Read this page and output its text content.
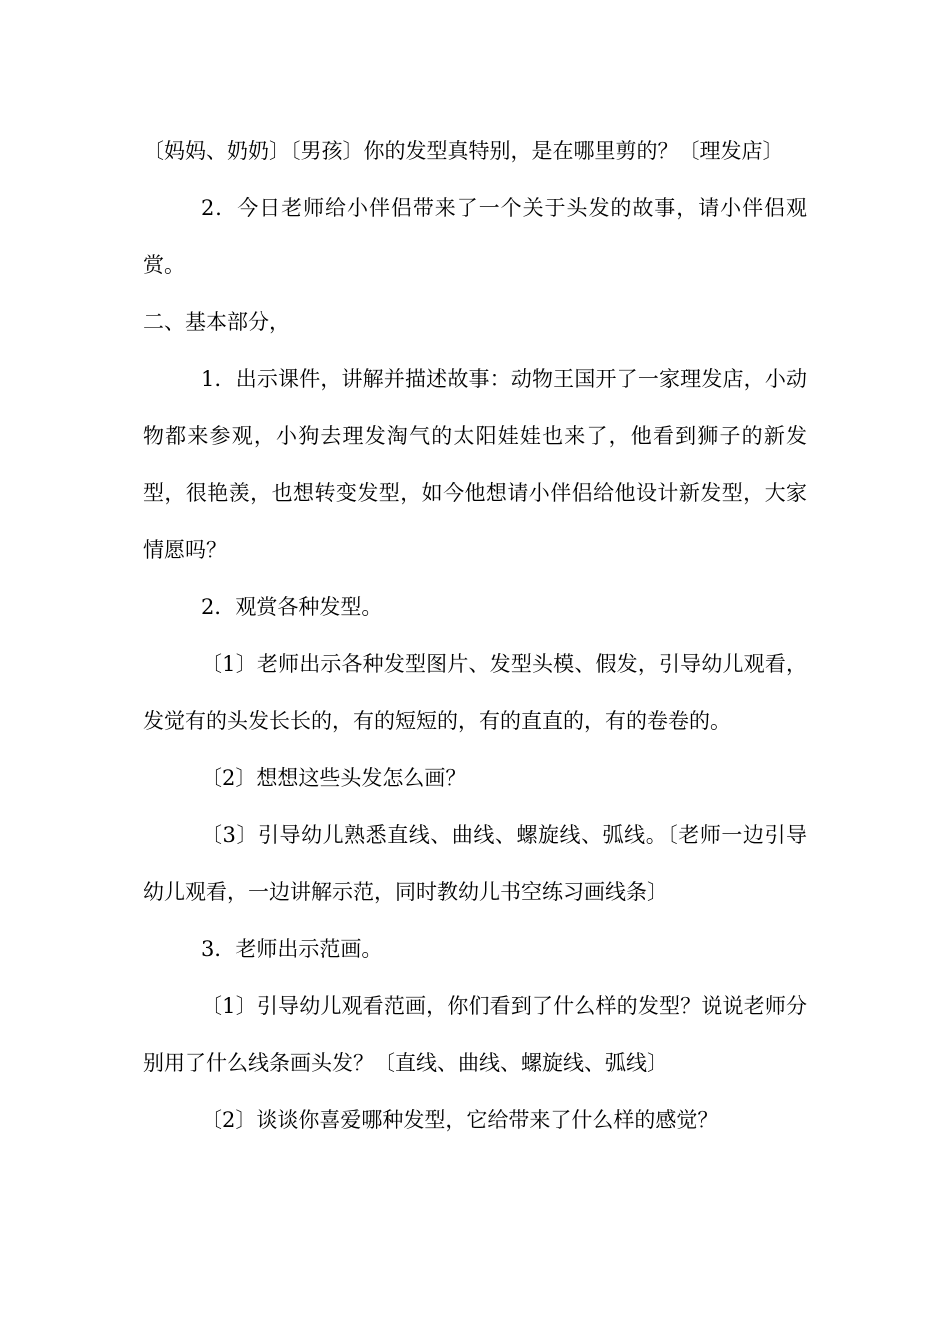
〔妈妈、奶奶〕〔男孩〕你的发型真特别，是在哪里剪的？〔理发店〕

2．今日老师给小伴侣带来了一个关于头发的故事，请小伴侣观赏。

二、基本部分，

1．出示课件，讲解并描述故事：动物王国开了一家理发店，小动物都来参观，小狗去理发淘气的太阳娃娃也来了，他看到狮子的新发型，很艳羡，也想转变发型，如今他想请小伴侣给他设计新发型，大家情愿吗？

2．观赏各种发型。

〔1〕老师出示各种发型图片、发型头模、假发，引导幼儿观看，发觉有的头发长长的，有的短短的，有的直直的，有的卷卷的。

〔2〕想想这些头发怎么画？

〔3〕引导幼儿熟悉直线、曲线、螺旋线、弧线。〔老师一边引导幼儿观看，一边讲解示范，同时教幼儿书空练习画线条〕

3．老师出示范画。

〔1〕引导幼儿观看范画，你们看到了什么样的发型？说说老师分别用了什么线条画头发？〔直线、曲线、螺旋线、弧线〕

〔2〕谈谈你喜爱哪种发型，它给带来了什么样的感觉？
